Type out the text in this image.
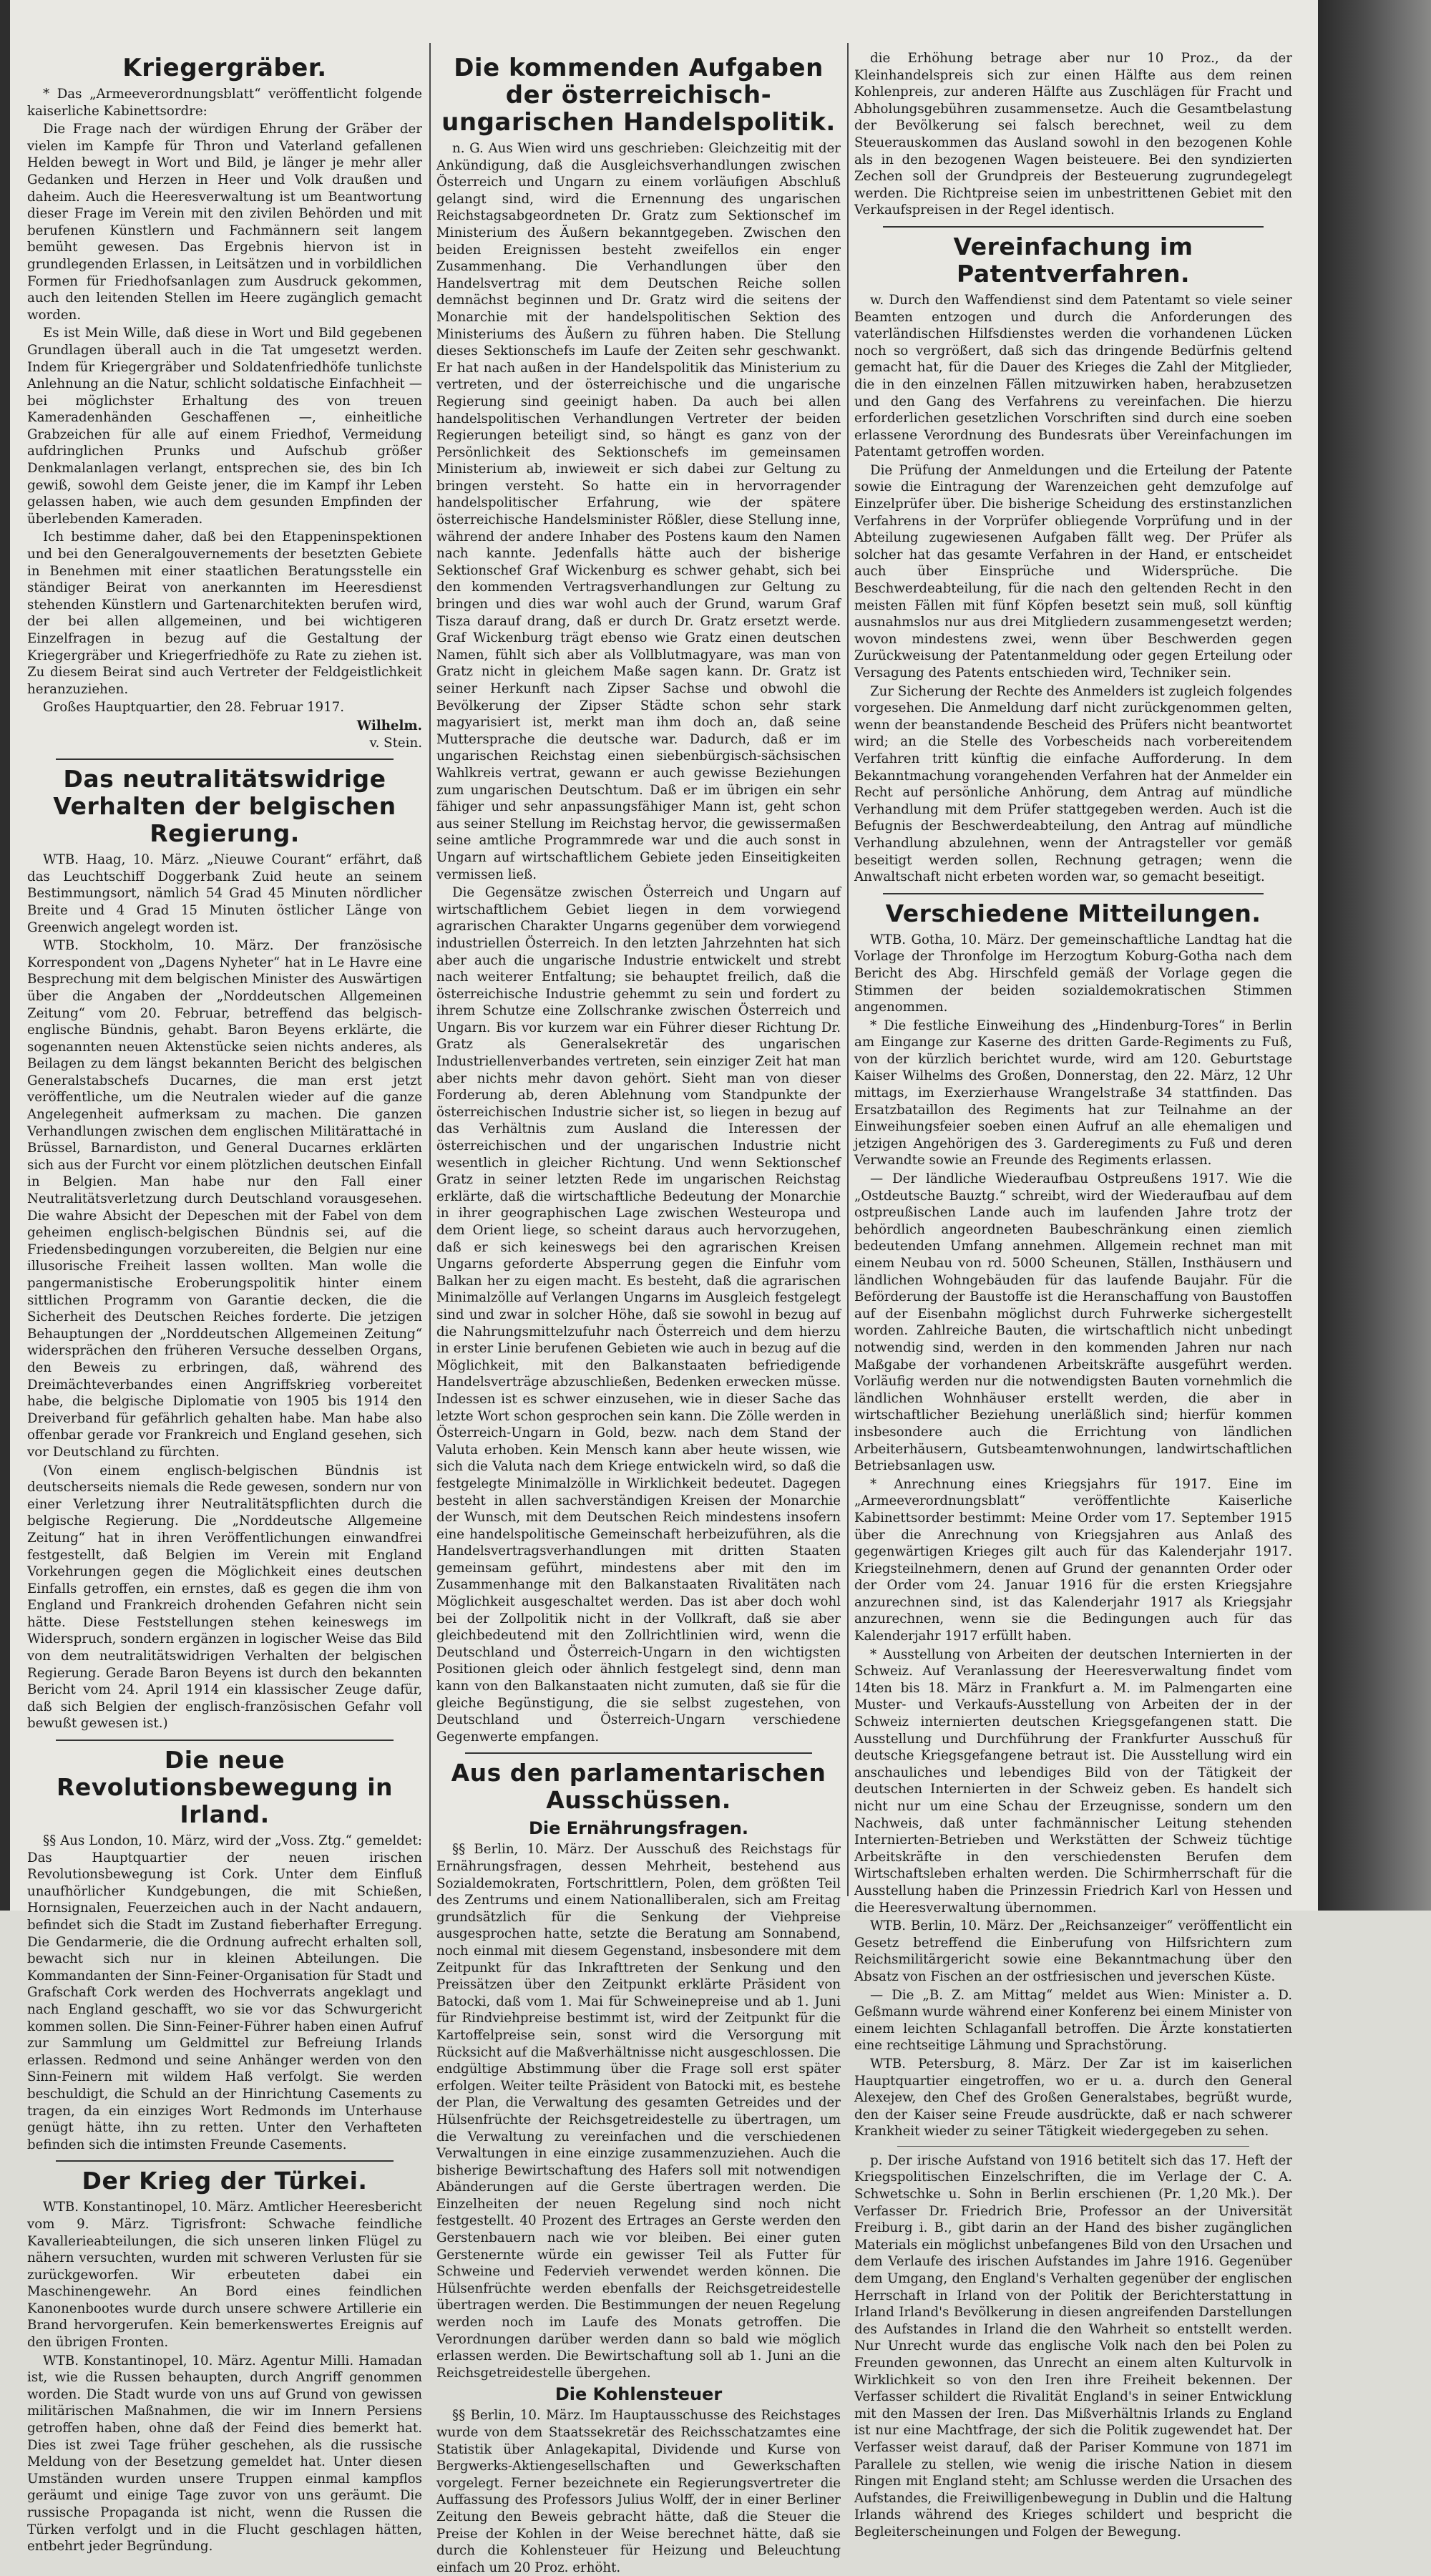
Kriegergräber.

* Das „Armeeverordnungsblatt“ veröffentlicht folgende kaiserliche Kabinettsordre:

Die Frage nach der würdigen Ehrung der Gräber der vielen im Kampfe für Thron und Vaterland gefallenen Helden bewegt in Wort und Bild, je länger je mehr aller Gedanken und Herzen in Heer und Volk draußen und daheim. Auch die Heeresverwaltung ist um Beantwortung dieser Frage im Verein mit den zivilen Behörden und mit berufenen Künstlern und Fachmännern seit langem bemüht gewesen. Das Ergebnis hiervon ist in grundlegenden Erlassen, in Leitsätzen und in vorbildlichen Formen für Friedhofsanlagen zum Ausdruck gekommen, auch den leitenden Stellen im Heere zugänglich gemacht worden.

Es ist Mein Wille, daß diese in Wort und Bild gegebenen Grundlagen überall auch in die Tat umgesetzt werden. Indem für Kriegergräber und Soldatenfriedhöfe tunlichste Anlehnung an die Natur, schlicht soldatische Einfachheit — bei möglichster Erhaltung des von treuen Kameradenhänden Geschaffenen —, einheitliche Grabzeichen für alle auf einem Friedhof, Vermeidung aufdringlichen Prunks und Aufschub größer Denkmalanlagen verlangt, entsprechen sie, des bin Ich gewiß, sowohl dem Geiste jener, die im Kampf ihr Leben gelassen haben, wie auch dem gesunden Empfinden der überlebenden Kameraden.

Ich bestimme daher, daß bei den Etappeninspektionen und bei den Generalgouvernements der besetzten Gebiete in Benehmen mit einer staatlichen Beratungsstelle ein ständiger Beirat von anerkannten im Heeresdienst stehenden Künstlern und Gartenarchitekten berufen wird, der bei allen allgemeinen, und bei wichtigeren Einzelfragen in bezug auf die Gestaltung der Kriegergräber und Kriegerfriedhöfe zu Rate zu ziehen ist. Zu diesem Beirat sind auch Vertreter der Feldgeistlichkeit heranzuziehen.

Großes Hauptquartier, den 28. Februar 1917.

Wilhelm.
v. Stein.
Das neutralitätswidrige Verhalten der belgischen Regierung.

WTB. Haag, 10. März. „Nieuwe Courant“ erfährt, daß das Leuchtschiff Doggerbank Zuid heute an seinem Bestimmungsort, nämlich 54 Grad 45 Minuten nördlicher Breite und 4 Grad 15 Minuten östlicher Länge von Greenwich angelegt worden ist.

WTB. Stockholm, 10. März. Der französische Korrespondent von „Dagens Nyheter“ hat in Le Havre eine Besprechung mit dem belgischen Minister des Auswärtigen über die Angaben der „Norddeutschen Allgemeinen Zeitung“ vom 20. Februar, betreffend das belgisch-englische Bündnis, gehabt. Baron Beyens erklärte, die sogenannten neuen Aktenstücke seien nichts anderes, als Beilagen zu dem längst bekannten Bericht des belgischen Generalstabschefs Ducarnes, die man erst jetzt veröffentliche, um die Neutralen wieder auf die ganze Angelegenheit aufmerksam zu machen. Die ganzen Verhandlungen zwischen dem englischen Militärattaché in Brüssel, Barnardiston, und General Ducarnes erklärten sich aus der Furcht vor einem plötzlichen deutschen Einfall in Belgien. Man habe nur den Fall einer Neutralitätsverletzung durch Deutschland vorausgesehen. Die wahre Absicht der Depeschen mit der Fabel von dem geheimen englisch-belgischen Bündnis sei, auf die Friedensbedingungen vorzubereiten, die Belgien nur eine illusorische Freiheit lassen wollten. Man wolle die pangermanistische Eroberungspolitik hinter einem sittlichen Programm von Garantie decken, die die Sicherheit des Deutschen Reiches forderte. Die jetzigen Behauptungen der „Norddeutschen Allgemeinen Zeitung“ widersprächen den früheren Versuche desselben Organs, den Beweis zu erbringen, daß, während des Dreimächteverbandes einen Angriffskrieg vorbereitet habe, die belgische Diplomatie von 1905 bis 1914 den Dreiverband für gefährlich gehalten habe. Man habe also offenbar gerade vor Frankreich und England gesehen, sich vor Deutschland zu fürchten.

(Von einem englisch-belgischen Bündnis ist deutscherseits niemals die Rede gewesen, sondern nur von einer Verletzung ihrer Neutralitätspflichten durch die belgische Regierung. Die „Norddeutsche Allgemeine Zeitung“ hat in ihren Veröffentlichungen einwandfrei festgestellt, daß Belgien im Verein mit England Vorkehrungen gegen die Möglichkeit eines deutschen Einfalls getroffen, ein ernstes, daß es gegen die ihm von England und Frankreich drohenden Gefahren nicht sein hätte. Diese Feststellungen stehen keineswegs im Widerspruch, sondern ergänzen in logischer Weise das Bild von dem neutralitätswidrigen Verhalten der belgischen Regierung. Gerade Baron Beyens ist durch den bekannten Bericht vom 24. April 1914 ein klassischer Zeuge dafür, daß sich Belgien der englisch-französischen Gefahr voll bewußt gewesen ist.)

Die neue Revolutionsbewegung in Irland.

§§ Aus London, 10. März, wird der „Voss. Ztg.“ gemeldet: Das Hauptquartier der neuen irischen Revolutionsbewegung ist Cork. Unter dem Einfluß unaufhörlicher Kundgebungen, die mit Schießen, Hornsignalen, Feuerzeichen auch in der Nacht andauern, befindet sich die Stadt im Zustand fieberhafter Erregung. Die Gendarmerie, die die Ordnung aufrecht erhalten soll, bewacht sich nur in kleinen Abteilungen. Die Kommandanten der Sinn-Feiner-Organisation für Stadt und Grafschaft Cork werden des Hochverrats angeklagt und nach England geschafft, wo sie vor das Schwurgericht kommen sollen. Die Sinn-Feiner-Führer haben einen Aufruf zur Sammlung um Geldmittel zur Befreiung Irlands erlassen. Redmond und seine Anhänger werden von den Sinn-Feinern mit wildem Haß verfolgt. Sie werden beschuldigt, die Schuld an der Hinrichtung Casements zu tragen, da ein einziges Wort Redmonds im Unterhause genügt hätte, ihn zu retten. Unter den Verhafteten befinden sich die intimsten Freunde Casements.

Der Krieg der Türkei.

WTB. Konstantinopel, 10. März. Amtlicher Heeresbericht vom 9. März. Tigrisfront: Schwache feindliche Kavallerieabteilungen, die sich unseren linken Flügel zu nähern versuchten, wurden mit schweren Verlusten für sie zurückgeworfen. Wir erbeuteten dabei ein Maschinengewehr. An Bord eines feindlichen Kanonenbootes wurde durch unsere schwere Artillerie ein Brand hervorgerufen. Kein bemerkenswertes Ereignis auf den übrigen Fronten.

WTB. Konstantinopel, 10. März. Agentur Milli. Hamadan ist, wie die Russen behaupten, durch Angriff genommen worden. Die Stadt wurde von uns auf Grund von gewissen militärischen Maßnahmen, die wir im Innern Persiens getroffen haben, ohne daß der Feind dies bemerkt hat. Dies ist zwei Tage früher geschehen, als die russische Meldung von der Besetzung gemeldet hat. Unter diesen Umständen wurden unsere Truppen einmal kampflos geräumt und einige Tage zuvor von uns geräumt. Die russische Propaganda ist nicht, wenn die Russen die Türken verfolgt und in die Flucht geschlagen hätten, entbehrt jeder Begründung.

Die kommenden Aufgaben der österreichisch-ungarischen Handelspolitik.

n. G. Aus Wien wird uns geschrieben: Gleichzeitig mit der Ankündigung, daß die Ausgleichsverhandlungen zwischen Österreich und Ungarn zu einem vorläufigen Abschluß gelangt sind, wird die Ernennung des ungarischen Reichstagsabgeordneten Dr. Gratz zum Sektionschef im Ministerium des Äußern bekanntgegeben. Zwischen den beiden Ereignissen besteht zweifellos ein enger Zusammenhang. Die Verhandlungen über den Handelsvertrag mit dem Deutschen Reiche sollen demnächst beginnen und Dr. Gratz wird die seitens der Monarchie mit der handelspolitischen Sektion des Ministeriums des Äußern zu führen haben. Die Stellung dieses Sektionschefs im Laufe der Zeiten sehr geschwankt. Er hat nach außen in der Handelspolitik das Ministerium zu vertreten, und der österreichische und die ungarische Regierung sind geeinigt haben. Da auch bei allen handelspolitischen Verhandlungen Vertreter der beiden Regierungen beteiligt sind, so hängt es ganz von der Persönlichkeit des Sektionschefs im gemeinsamen Ministerium ab, inwieweit er sich dabei zur Geltung zu bringen versteht. So hatte ein in hervorragender handelspolitischer Erfahrung, wie der spätere österreichische Handelsminister Rößler, diese Stellung inne, während der andere Inhaber des Postens kaum den Namen nach kannte. Jedenfalls hätte auch der bisherige Sektionschef Graf Wickenburg es schwer gehabt, sich bei den kommenden Vertragsverhandlungen zur Geltung zu bringen und dies war wohl auch der Grund, warum Graf Tisza darauf drang, daß er durch Dr. Gratz ersetzt werde. Graf Wickenburg trägt ebenso wie Gratz einen deutschen Namen, fühlt sich aber als Vollblutmagyare, was man von Gratz nicht in gleichem Maße sagen kann. Dr. Gratz ist seiner Herkunft nach Zipser Sachse und obwohl die Bevölkerung der Zipser Städte schon sehr stark magyarisiert ist, merkt man ihm doch an, daß seine Muttersprache die deutsche war. Dadurch, daß er im ungarischen Reichstag einen siebenbürgisch-sächsischen Wahlkreis vertrat, gewann er auch gewisse Beziehungen zum ungarischen Deutschtum. Daß er im übrigen ein sehr fähiger und sehr anpassungsfähiger Mann ist, geht schon aus seiner Stellung im Reichstag hervor, die gewissermaßen seine amtliche Programmrede war und die auch sonst in Ungarn auf wirtschaftlichem Gebiete jeden Einseitigkeiten vermissen ließ.

Die Gegensätze zwischen Österreich und Ungarn auf wirtschaftlichem Gebiet liegen in dem vorwiegend agrarischen Charakter Ungarns gegenüber dem vorwiegend industriellen Österreich. In den letzten Jahrzehnten hat sich aber auch die ungarische Industrie entwickelt und strebt nach weiterer Entfaltung; sie behauptet freilich, daß die österreichische Industrie gehemmt zu sein und fordert zu ihrem Schutze eine Zollschranke zwischen Österreich und Ungarn. Bis vor kurzem war ein Führer dieser Richtung Dr. Gratz als Generalsekretär des ungarischen Industriellenverbandes vertreten, sein einziger Zeit hat man aber nichts mehr davon gehört. Sieht man von dieser Forderung ab, deren Ablehnung vom Standpunkte der österreichischen Industrie sicher ist, so liegen in bezug auf das Verhältnis zum Ausland die Interessen der österreichischen und der ungarischen Industrie nicht wesentlich in gleicher Richtung. Und wenn Sektionschef Gratz in seiner letzten Rede im ungarischen Reichstag erklärte, daß die wirtschaftliche Bedeutung der Monarchie in ihrer geographischen Lage zwischen Westeuropa und dem Orient liege, so scheint daraus auch hervorzugehen, daß er sich keineswegs bei den agrarischen Kreisen Ungarns geforderte Absperrung gegen die Einfuhr vom Balkan her zu eigen macht. Es besteht, daß die agrarischen Minimalzölle auf Verlangen Ungarns im Ausgleich festgelegt sind und zwar in solcher Höhe, daß sie sowohl in bezug auf die Nahrungsmittelzufuhr nach Österreich und dem hierzu in erster Linie berufenen Gebieten wie auch in bezug auf die Möglichkeit, mit den Balkanstaaten befriedigende Handelsverträge abzuschließen, Bedenken erwecken müsse. Indessen ist es schwer einzusehen, wie in dieser Sache das letzte Wort schon gesprochen sein kann. Die Zölle werden in Österreich-Ungarn in Gold, bezw. nach dem Stand der Valuta erhoben. Kein Mensch kann aber heute wissen, wie sich die Valuta nach dem Kriege entwickeln wird, so daß die festgelegte Minimalzölle in Wirklichkeit bedeutet. Dagegen besteht in allen sachverständigen Kreisen der Monarchie der Wunsch, mit dem Deutschen Reich mindestens insofern eine handelspolitische Gemeinschaft herbeizuführen, als die Handelsvertragsverhandlungen mit dritten Staaten gemeinsam geführt, mindestens aber mit den im Zusammenhange mit den Balkanstaaten Rivalitäten nach Möglichkeit ausgeschaltet werden. Das ist aber doch wohl bei der Zollpolitik nicht in der Vollkraft, daß sie aber gleichbedeutend mit den Zollrichtlinien wird, wenn die Deutschland und Österreich-Ungarn in den wichtigsten Positionen gleich oder ähnlich festgelegt sind, denn man kann von den Balkanstaaten nicht zumuten, daß sie für die gleiche Begünstigung, die sie selbst zugestehen, von Deutschland und Österreich-Ungarn verschiedene Gegenwerte empfangen.

Aus den parlamentarischen Ausschüssen.
Die Ernährungsfragen.

§§ Berlin, 10. März. Der Ausschuß des Reichstags für Ernährungsfragen, dessen Mehrheit, bestehend aus Sozialdemokraten, Fortschrittlern, Polen, dem größten Teil des Zentrums und einem Nationalliberalen, sich am Freitag grundsätzlich für die Senkung der Viehpreise ausgesprochen hatte, setzte die Beratung am Sonnabend, noch einmal mit diesem Gegenstand, insbesondere mit dem Zeitpunkt für das Inkrafttreten der Senkung und den Preissätzen über den Zeitpunkt erklärte Präsident von Batocki, daß vom 1. Mai für Schweinepreise und ab 1. Juni für Rindviehpreise bestimmt ist, wird der Zeitpunkt für die Kartoffelpreise sein, sonst wird die Versorgung mit Rücksicht auf die Maßverhältnisse nicht ausgeschlossen. Die endgültige Abstimmung über die Frage soll erst später erfolgen. Weiter teilte Präsident von Batocki mit, es bestehe der Plan, die Verwaltung des gesamten Getreides und der Hülsenfrüchte der Reichsgetreidestelle zu übertragen, um die Verwaltung zu vereinfachen und die verschiedenen Verwaltungen in eine einzige zusammenzuziehen. Auch die bisherige Bewirtschaftung des Hafers soll mit notwendigen Abänderungen auf die Gerste übertragen werden. Die Einzelheiten der neuen Regelung sind noch nicht festgestellt. 40 Prozent des Ertrages an Gerste werden den Gerstenbauern nach wie vor bleiben. Bei einer guten Gerstenernte würde ein gewisser Teil als Futter für Schweine und Federvieh verwendet werden können. Die Hülsenfrüchte werden ebenfalls der Reichsgetreidestelle übertragen werden. Die Bestimmungen der neuen Regelung werden noch im Laufe des Monats getroffen. Die Verordnungen darüber werden dann so bald wie möglich erlassen werden. Die Bewirtschaftung soll ab 1. Juni an die Reichsgetreidestelle übergehen.

Die Kohlensteuer

§§ Berlin, 10. März. Im Hauptausschusse des Reichstages wurde von dem Staatssekretär des Reichsschatzamtes eine Statistik über Anlagekapital, Dividende und Kurse von Bergwerks-Aktiengesellschaften und Gewerkschaften vorgelegt. Ferner bezeichnete ein Regierungsvertreter die Auffassung des Professors Julius Wolff, der in einer Berliner Zeitung den Beweis gebracht hätte, daß die Steuer die Preise der Kohlen in der Weise berechnet hätte, daß sie durch die Kohlensteuer für Heizung und Beleuchtung einfach um 20 Proz. erhöht.

die Erhöhung betrage aber nur 10 Proz., da der Kleinhandelspreis sich zur einen Hälfte aus dem reinen Kohlenpreis, zur anderen Hälfte aus Zuschlägen für Fracht und Abholungsgebühren zusammensetze. Auch die Gesamtbelastung der Bevölkerung sei falsch berechnet, weil zu dem Steuerauskommen das Ausland sowohl in den bezogenen Kohle als in den bezogenen Wagen beisteuere. Bei den syndizierten Zechen soll der Grundpreis der Besteuerung zugrundegelegt werden. Die Richtpreise seien im unbestrittenen Gebiet mit den Verkaufspreisen in der Regel identisch.

Vereinfachung im Patentverfahren.

w. Durch den Waffendienst sind dem Patentamt so viele seiner Beamten entzogen und durch die Anforderungen des vaterländischen Hilfsdienstes werden die vorhandenen Lücken noch so vergrößert, daß sich das dringende Bedürfnis geltend gemacht hat, für die Dauer des Krieges die Zahl der Mitglieder, die in den einzelnen Fällen mitzuwirken haben, herabzusetzen und den Gang des Verfahrens zu vereinfachen. Die hierzu erforderlichen gesetzlichen Vorschriften sind durch eine soeben erlassene Verordnung des Bundesrats über Vereinfachungen im Patentamt getroffen worden.

Die Prüfung der Anmeldungen und die Erteilung der Patente sowie die Eintragung der Warenzeichen geht demzufolge auf Einzelprüfer über. Die bisherige Scheidung des erstinstanzlichen Verfahrens in der Vorprüfer obliegende Vorprüfung und in der Abteilung zugewiesenen Aufgaben fällt weg. Der Prüfer als solcher hat das gesamte Verfahren in der Hand, er entscheidet auch über Einsprüche und Widersprüche. Die Beschwerdeabteilung, für die nach den geltenden Recht in den meisten Fällen mit fünf Köpfen besetzt sein muß, soll künftig ausnahmslos nur aus drei Mitgliedern zusammengesetzt werden; wovon mindestens zwei, wenn über Beschwerden gegen Zurückweisung der Patentanmeldung oder gegen Erteilung oder Versagung des Patents entschieden wird, Techniker sein.

Zur Sicherung der Rechte des Anmelders ist zugleich folgendes vorgesehen. Die Anmeldung darf nicht zurückgenommen gelten, wenn der beanstandende Bescheid des Prüfers nicht beantwortet wird; an die Stelle des Vorbescheids nach vorbereitendem Verfahren tritt künftig die einfache Aufforderung. In dem Bekanntmachung vorangehenden Verfahren hat der Anmelder ein Recht auf persönliche Anhörung, dem Antrag auf mündliche Verhandlung mit dem Prüfer stattgegeben werden. Auch ist die Befugnis der Beschwerdeabteilung, den Antrag auf mündliche Verhandlung abzulehnen, wenn der Antragsteller vor gemäß beseitigt werden sollen, Rechnung getragen; wenn die Anwaltschaft nicht erbeten worden war, so gemacht beseitigt.

Verschiedene Mitteilungen.

WTB. Gotha, 10. März. Der gemeinschaftliche Landtag hat die Vorlage der Thronfolge im Herzogtum Koburg-Gotha nach dem Bericht des Abg. Hirschfeld gemäß der Vorlage gegen die Stimmen der beiden sozialdemokratischen Stimmen angenommen.

* Die festliche Einweihung des „Hindenburg-Tores“ in Berlin am Eingange zur Kaserne des dritten Garde-Regiments zu Fuß, von der kürzlich berichtet wurde, wird am 120. Geburtstage Kaiser Wilhelms des Großen, Donnerstag, den 22. März, 12 Uhr mittags, im Exerzierhause Wrangelstraße 34 stattfinden. Das Ersatzbataillon des Regiments hat zur Teilnahme an der Einweihungsfeier soeben einen Aufruf an alle ehemaligen und jetzigen Angehörigen des 3. Garderegiments zu Fuß und deren Verwandte sowie an Freunde des Regiments erlassen.

— Der ländliche Wiederaufbau Ostpreußens 1917. Wie die „Ostdeutsche Bauztg.“ schreibt, wird der Wiederaufbau auf dem ostpreußischen Lande auch im laufenden Jahre trotz der behördlich angeordneten Baubeschränkung einen ziemlich bedeutenden Umfang annehmen. Allgemein rechnet man mit einem Neubau von rd. 5000 Scheunen, Ställen, Insthäusern und ländlichen Wohngebäuden für das laufende Baujahr. Für die Beförderung der Baustoffe ist die Heranschaffung von Baustoffen auf der Eisenbahn möglichst durch Fuhrwerke sichergestellt worden. Zahlreiche Bauten, die wirtschaftlich nicht unbedingt notwendig sind, werden in den kommenden Jahren nur nach Maßgabe der vorhandenen Arbeitskräfte ausgeführt werden. Vorläufig werden nur die notwendigsten Bauten vornehmlich die ländlichen Wohnhäuser erstellt werden, die aber in wirtschaftlicher Beziehung unerläßlich sind; hierfür kommen insbesondere auch die Errichtung von ländlichen Arbeiterhäusern, Gutsbeamtenwohnungen, landwirtschaftlichen Betriebsanlagen usw.

* Anrechnung eines Kriegsjahrs für 1917. Eine im „Armeeverordnungsblatt“ veröffentlichte Kaiserliche Kabinettsorder bestimmt: Meine Order vom 17. September 1915 über die Anrechnung von Kriegsjahren aus Anlaß des gegenwärtigen Krieges gilt auch für das Kalenderjahr 1917. Kriegsteilnehmern, denen auf Grund der genannten Order oder der Order vom 24. Januar 1916 für die ersten Kriegsjahre anzurechnen sind, ist das Kalenderjahr 1917 als Kriegsjahr anzurechnen, wenn sie die Bedingungen auch für das Kalenderjahr 1917 erfüllt haben.

* Ausstellung von Arbeiten der deutschen Internierten in der Schweiz. Auf Veranlassung der Heeresverwaltung findet vom 14ten bis 18. März in Frankfurt a. M. im Palmengarten eine Muster- und Verkaufs-Ausstellung von Arbeiten der in der Schweiz internierten deutschen Kriegsgefangenen statt. Die Ausstellung und Durchführung der Frankfurter Ausschuß für deutsche Kriegsgefangene betraut ist. Die Ausstellung wird ein anschauliches und lebendiges Bild von der Tätigkeit der deutschen Internierten in der Schweiz geben. Es handelt sich nicht nur um eine Schau der Erzeugnisse, sondern um den Nachweis, daß unter fachmännischer Leitung stehenden Internierten-Betrieben und Werkstätten der Schweiz tüchtige Arbeitskräfte in den verschiedensten Berufen dem Wirtschaftsleben erhalten werden. Die Schirmherrschaft für die Ausstellung haben die Prinzessin Friedrich Karl von Hessen und die Heeresverwaltung übernommen.

WTB. Berlin, 10. März. Der „Reichsanzeiger“ veröffentlicht ein Gesetz betreffend die Einberufung von Hilfsrichtern zum Reichsmilitärgericht sowie eine Bekanntmachung über den Absatz von Fischen an der ostfriesischen und jeverschen Küste.

— Die „B. Z. am Mittag“ meldet aus Wien: Minister a. D. Geßmann wurde während einer Konferenz bei einem Minister von einem leichten Schlaganfall betroffen. Die Ärzte konstatierten eine rechtseitige Lähmung und Sprachstörung.

WTB. Petersburg, 8. März. Der Zar ist im kaiserlichen Hauptquartier eingetroffen, wo er u. a. durch den General Alexejew, den Chef des Großen Generalstabes, begrüßt wurde, den der Kaiser seine Freude ausdrückte, daß er nach schwerer Krankheit wieder zu seiner Tätigkeit wiedergegeben zu sehen.

p. Der irische Aufstand von 1916 betitelt sich das 17. Heft der Kriegspolitischen Einzelschriften, die im Verlage der C. A. Schwetschke u. Sohn in Berlin erschienen (Pr. 1,20 Mk.). Der Verfasser Dr. Friedrich Brie, Professor an der Universität Freiburg i. B., gibt darin an der Hand des bisher zugänglichen Materials ein möglichst unbefangenes Bild von den Ursachen und dem Verlaufe des irischen Aufstandes im Jahre 1916. Gegenüber dem Umgang, den England's Verhalten gegenüber der englischen Herrschaft in Irland von der Politik der Berichterstattung in Irland Irland's Bevölkerung in diesen angreifenden Darstellungen des Aufstandes in Irland die den Wahrheit so entstellt werden. Nur Unrecht wurde das englische Volk nach den bei Polen zu Freunden gewonnen, das Unrecht an einem alten Kulturvolk in Wirklichkeit so von den Iren ihre Freiheit bekennen. Der Verfasser schildert die Rivalität England's in seiner Entwicklung mit den Massen der Iren. Das Mißverhältnis Irlands zu England ist nur eine Machtfrage, der sich die Politik zugewendet hat. Der Verfasser weist darauf, daß der Pariser Kommune von 1871 im Parallele zu stellen, wie wenig die irische Nation in diesem Ringen mit England steht; am Schlusse werden die Ursachen des Aufstandes, die Freiwilligenbewegung in Dublin und die Haltung Irlands während des Krieges schildert und bespricht die Begleiterscheinungen und Folgen der Bewegung.
